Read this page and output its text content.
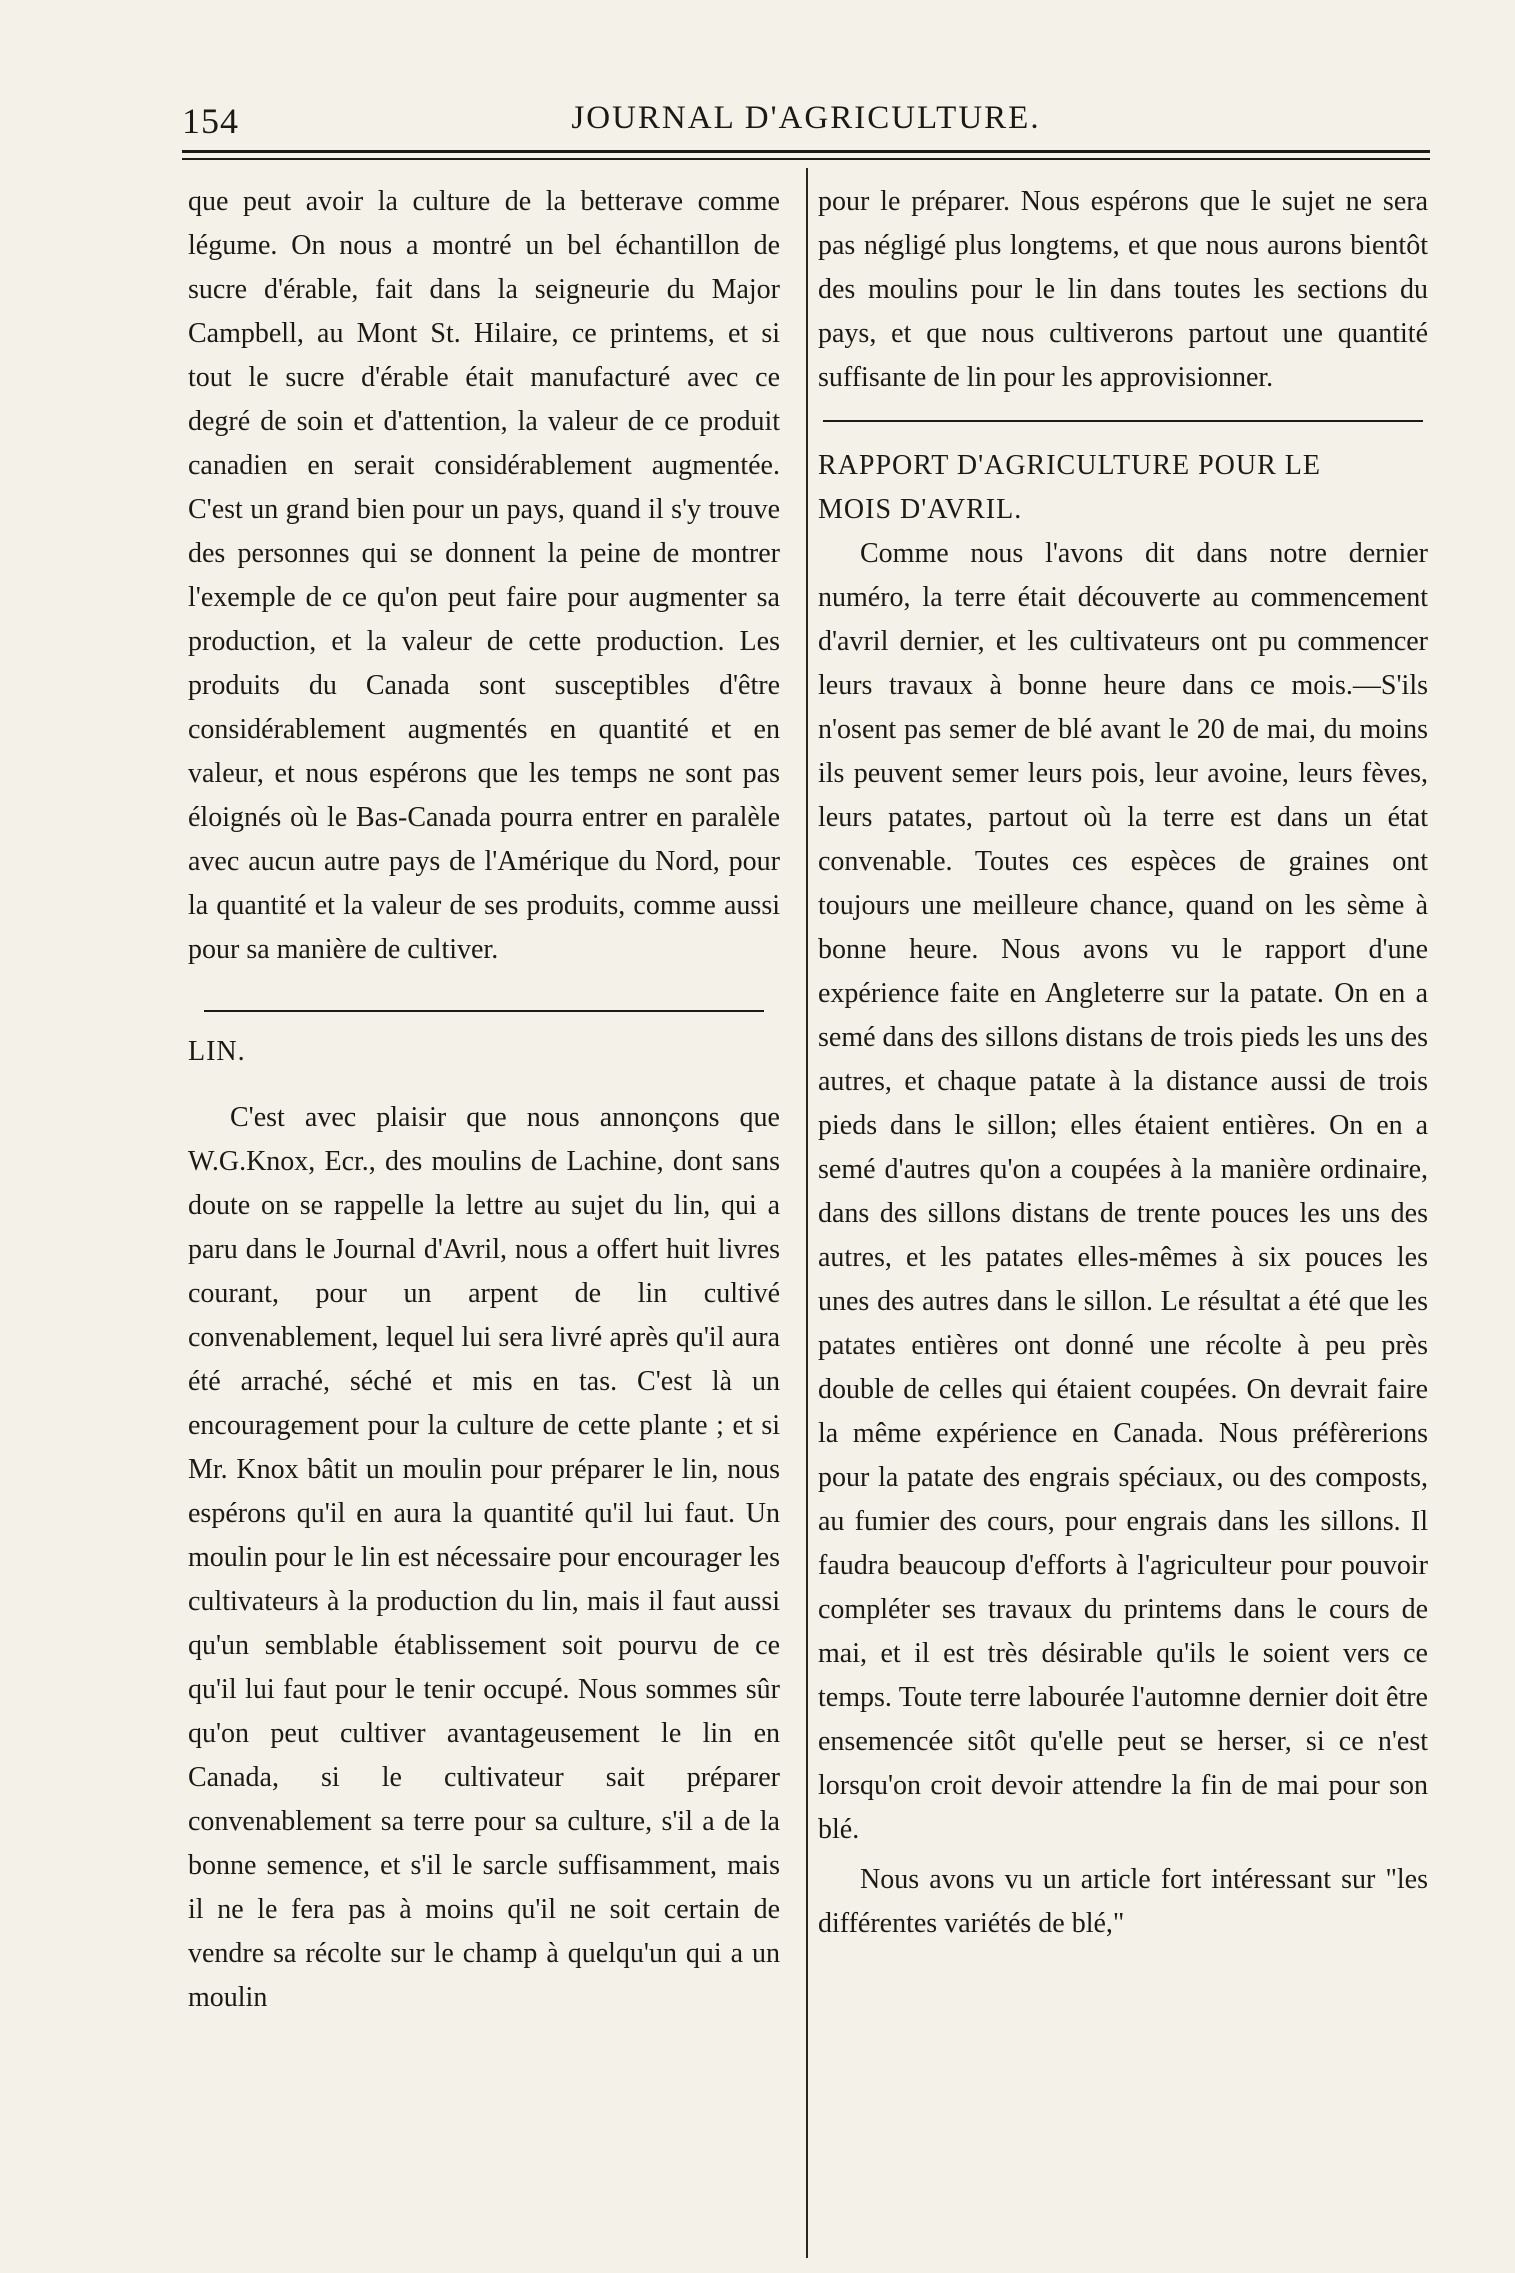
154	JOURNAL D'AGRICULTURE.

que peut avoir la culture de la betterave comme légume. On nous a montré un bel échantillon de sucre d'érable, fait dans la seigneurie du Major Campbell, au Mont St. Hilaire, ce printems, et si tout le sucre d'érable était manufacturé avec ce degré de soin et d'attention, la valeur de ce produit canadien en serait considérablement augmentée. C'est un grand bien pour un pays, quand il s'y trouve des personnes qui se donnent la peine de montrer l'exemple de ce qu'on peut faire pour augmenter sa production, et la valeur de cette production. Les produits du Canada sont susceptibles d'être considérablement augmentés en quantité et en valeur, et nous espérons que les temps ne sont pas éloignés où le Bas-Canada pourra entrer en paralèle avec aucun autre pays de l'Amérique du Nord, pour la quantité et la valeur de ses produits, comme aussi pour sa manière de cultiver.

LIN.

C'est avec plaisir que nous annonçons que W.G.Knox, Ecr., des moulins de Lachine, dont sans doute on se rappelle la lettre au sujet du lin, qui a paru dans le Journal d'Avril, nous a offert huit livres courant, pour un arpent de lin cultivé convenablement, lequel lui sera livré après qu'il aura été arraché, séché et mis en tas. C'est là un encouragement pour la culture de cette plante ; et si Mr. Knox bâtit un moulin pour préparer le lin, nous espérons qu'il en aura la quantité qu'il lui faut. Un moulin pour le lin est nécessaire pour encourager les cultivateurs à la production du lin, mais il faut aussi qu'un semblable établissement soit pourvu de ce qu'il lui faut pour le tenir occupé. Nous sommes sûr qu'on peut cultiver avantageusement le lin en Canada, si le cultivateur sait préparer convenablement sa terre pour sa culture, s'il a de la bonne semence, et s'il le sarcle suffisamment, mais il ne le fera pas à moins qu'il ne soit certain de vendre sa récolte sur le champ à quelqu'un qui a un moulin

pour le préparer. Nous espérons que le sujet ne sera pas négligé plus longtems, et que nous aurons bientôt des moulins pour le lin dans toutes les sections du pays, et que nous cultiverons partout une quantité suffisante de lin pour les approvisionner.

RAPPORT D'AGRICULTURE POUR LE

MOIS D'AVRIL.

Comme nous l'avons dit dans notre dernier numéro, la terre était découverte au commencement d'avril dernier, et les cultivateurs ont pu commencer leurs travaux à bonne heure dans ce mois.—S'ils n'osent pas semer de blé avant le 20 de mai, du moins ils peuvent semer leurs pois, leur avoine, leurs fèves, leurs patates, partout où la terre est dans un état convenable. Toutes ces espèces de graines ont toujours une meilleure chance, quand on les sème à bonne heure. Nous avons vu le rapport d'une expérience faite en Angleterre sur la patate. On en a semé dans des sillons distans de trois pieds les uns des autres, et chaque patate à la distance aussi de trois pieds dans le sillon; elles étaient entières. On en a semé d'autres qu'on a coupées à la manière ordinaire, dans des sillons distans de trente pouces les uns des autres, et les patates elles-mêmes à six pouces les unes des autres dans le sillon. Le résultat a été que les patates entières ont donné une récolte à peu près double de celles qui étaient coupées. On devrait faire la même expérience en Canada. Nous préfèrerions pour la patate des engrais spéciaux, ou des composts, au fumier des cours, pour engrais dans les sillons. Il faudra beaucoup d'efforts à l'agriculteur pour pouvoir compléter ses travaux du printems dans le cours de mai, et il est très désirable qu'ils le soient vers ce temps. Toute terre labourée l'automne dernier doit être ensemencée sitôt qu'elle peut se herser, si ce n'est lorsqu'on croit devoir attendre la fin de mai pour son blé.

Nous avons vu un article fort intéressant sur "les différentes variétés de blé,"
